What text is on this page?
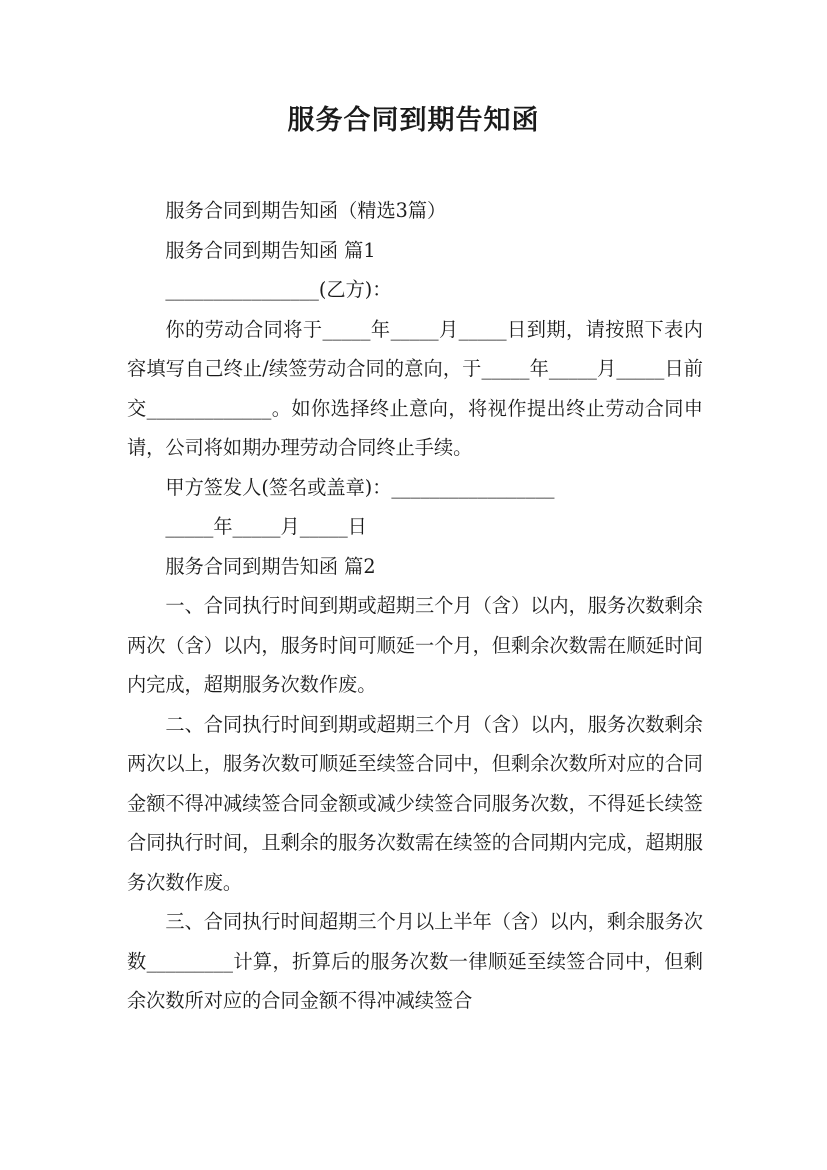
服务合同到期告知函

服务合同到期告知函（精选3篇）

服务合同到期告知函 篇1

________________(乙方)：

你的劳动合同将于_____年_____月_____日到期，请按照下表内容填写自己终止/续签劳动合同的意向，于_____年_____月_____日前交_____________。如你选择终止意向，将视作提出终止劳动合同申请，公司将如期办理劳动合同终止手续。

甲方签发人(签名或盖章)：_________________

_____年_____月_____日

服务合同到期告知函 篇2

一、合同执行时间到期或超期三个月（含）以内，服务次数剩余两次（含）以内，服务时间可顺延一个月，但剩余次数需在顺延时间内完成，超期服务次数作废。

二、合同执行时间到期或超期三个月（含）以内，服务次数剩余两次以上，服务次数可顺延至续签合同中，但剩余次数所对应的合同金额不得冲减续签合同金额或减少续签合同服务次数，不得延长续签合同执行时间，且剩余的服务次数需在续签的合同期内完成，超期服务次数作废。

三、合同执行时间超期三个月以上半年（含）以内，剩余服务次数_________计算，折算后的服务次数一律顺延至续签合同中，但剩余次数所对应的合同金额不得冲减续签合
